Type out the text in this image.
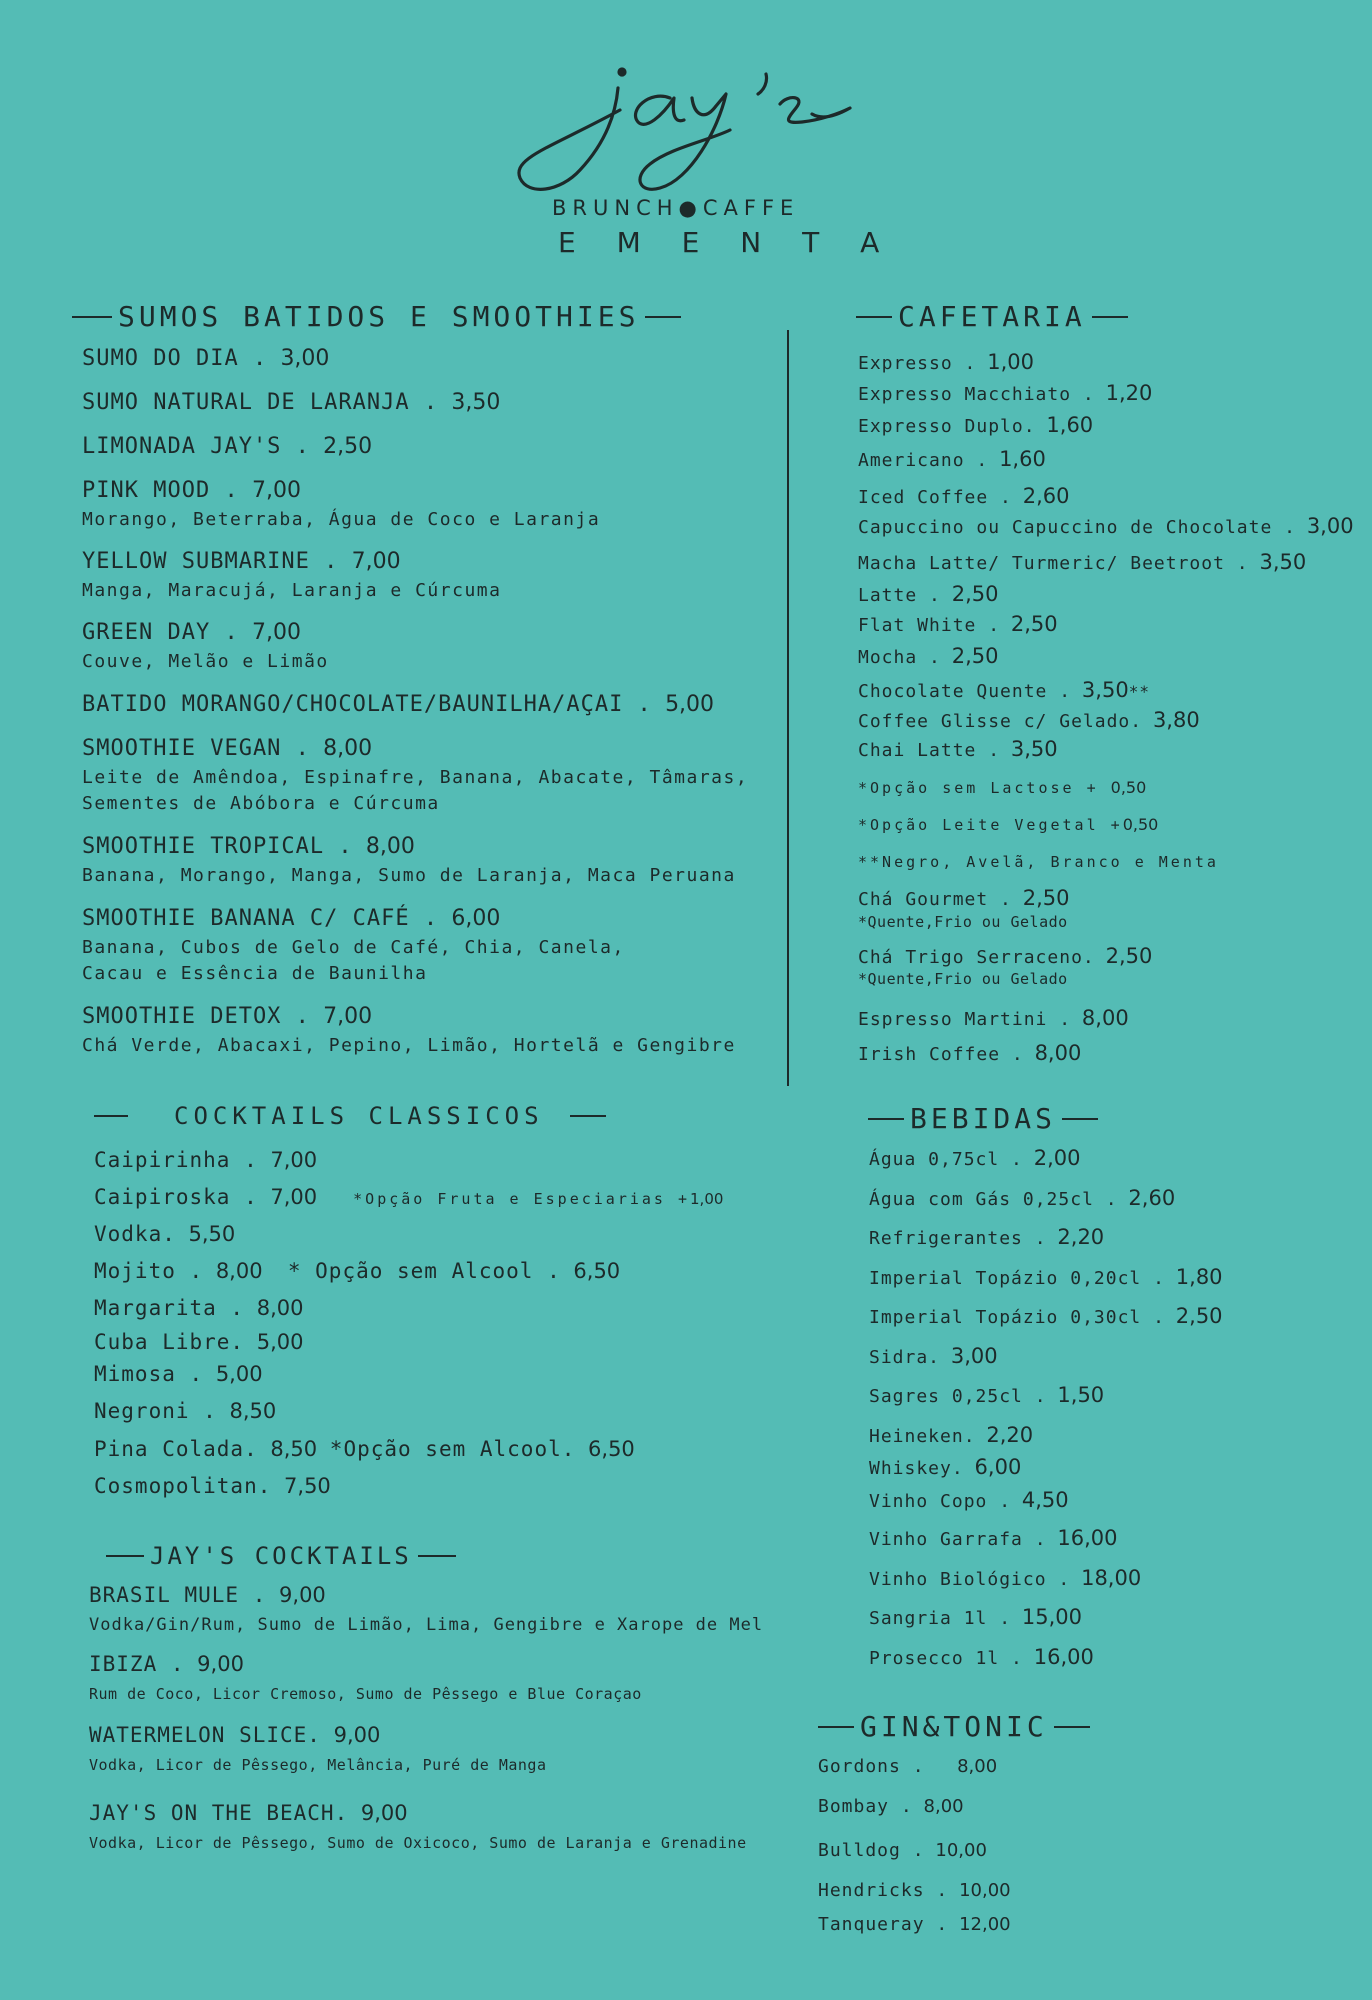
BRUNCH●CAFFE
E M E N T A
SUMOS BATIDOS E SMOOTHIES
SUMO DO DIA . 3,00
SUMO NATURAL DE LARANJA . 3,50
LIMONADA JAY'S . 2,50
PINK MOOD . 7,00
Morango, Beterraba, Água de Coco e Laranja
YELLOW SUBMARINE . 7,00
Manga, Maracujá, Laranja e Cúrcuma
GREEN DAY . 7,00
Couve, Melão e Limão
BATIDO MORANGO/CHOCOLATE/BAUNILHA/AÇAI . 5,00
SMOOTHIE VEGAN . 8,00
Leite de Amêndoa, Espinafre, Banana, Abacate, Tâmaras,
Sementes de Abóbora e Cúrcuma
SMOOTHIE TROPICAL . 8,00
Banana, Morango, Manga, Sumo de Laranja, Maca Peruana
SMOOTHIE BANANA C/ CAFÉ . 6,00
Banana, Cubos de Gelo de Café, Chia, Canela,
Cacau e Essência de Baunilha
SMOOTHIE DETOX . 7,00
Chá Verde, Abacaxi, Pepino, Limão, Hortelã e Gengibre
CAFETARIA
Expresso . 1,00
Expresso Macchiato . 1,20
Expresso Duplo. 1,60
Americano . 1,60
Iced Coffee . 2,60
Capuccino ou Capuccino de Chocolate . 3,00
Macha Latte/ Turmeric/ Beetroot . 3,50
Latte . 2,50
Flat White . 2,50
Mocha . 2,50
Chocolate Quente . 3,50**
Coffee Glisse c/ Gelado. 3,80
Chai Latte . 3,50
*Opção sem Lactose + 0,50
*Opção Leite Vegetal +0,50
**Negro, Avelã, Branco e Menta
Chá Gourmet . 2,50
*Quente,Frio ou Gelado
Chá Trigo Serraceno. 2,50
*Quente,Frio ou Gelado
Espresso Martini . 8,00
Irish Coffee . 8,00
COCKTAILS CLASSICOS
Caipirinha . 7,00
Caipiroska . 7,00 *Opção Fruta e Especiarias +1,00
Vodka. 5,50
Mojito . 8,00 * Opção sem Alcool . 6,50
Margarita . 8,00
Cuba Libre. 5,00
Mimosa . 5,00
Negroni . 8,50
Pina Colada. 8,50 *Opção sem Alcool. 6,50
Cosmopolitan. 7,50
JAY'S COCKTAILS
BRASIL MULE . 9,00
Vodka/Gin/Rum, Sumo de Limão, Lima, Gengibre e Xarope de Mel
IBIZA . 9,00
Rum de Coco, Licor Cremoso, Sumo de Pêssego e Blue Coraçao
WATERMELON SLICE. 9,00
Vodka, Licor de Pêssego, Melância, Puré de Manga
JAY'S ON THE BEACH. 9,00
Vodka, Licor de Pêssego, Sumo de Oxicoco, Sumo de Laranja e Grenadine
BEBIDAS
Água 0,75cl . 2,00
Água com Gás 0,25cl . 2,60
Refrigerantes . 2,20
Imperial Topázio 0,20cl . 1,80
Imperial Topázio 0,30cl . 2,50
Sidra. 3,00
Sagres 0,25cl . 1,50
Heineken. 2,20
Whiskey. 6,00
Vinho Copo . 4,50
Vinho Garrafa . 16,00
Vinho Biológico . 18,00
Sangria 1l . 15,00
Prosecco 1l . 16,00
GIN&TONIC
Gordons . 8,00
Bombay . 8,00
Bulldog . 10,00
Hendricks . 10,00
Tanqueray . 12,00
